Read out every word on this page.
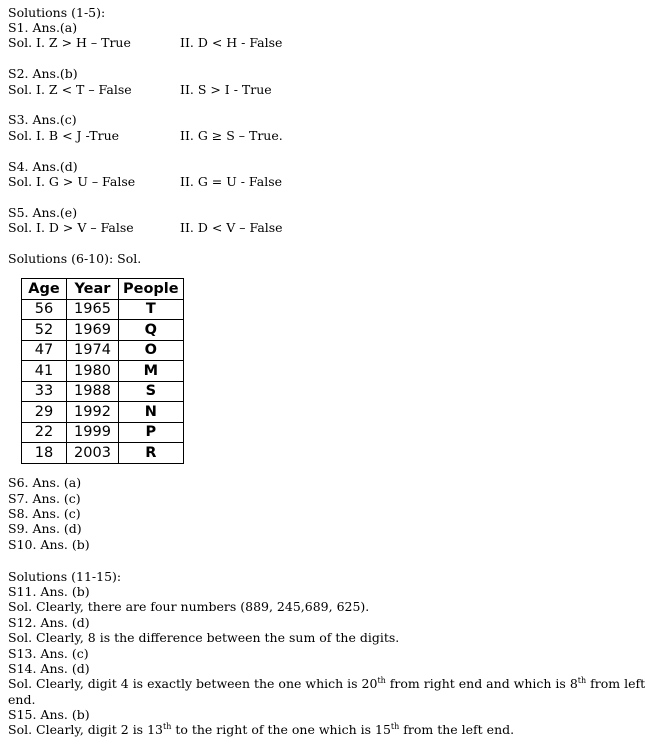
Solutions (1-5):
S1. Ans.(a)
Sol. I. Z > H – True	II. D < H - False
S2. Ans.(b)
Sol. I. Z < T – False	II. S > I - True
S3. Ans.(c)
Sol. I. B < J -True	II. G ≥ S – True.
S4. Ans.(d)
Sol. I. G > U – False	II. G = U - False
S5. Ans.(e)
Sol. I. D > V – False	II. D < V – False
Solutions (6-10): Sol.
Age	Year	People
56	1965	T
52	1969	Q
47	1974	O
41	1980	M
33	1988	S
29	1992	N
22	1999	P
18	2003	R
S6. Ans. (a)
S7. Ans. (c)
S8. Ans. (c)
S9. Ans. (d)
S10. Ans. (b)
Solutions (11-15):
S11. Ans. (b)
Sol. Clearly, there are four numbers (889, 245,689, 625).
S12. Ans. (d)
Sol. Clearly, 8 is the difference between the sum of the digits.
S13. Ans. (c)
S14. Ans. (d)
Sol. Clearly, digit 4 is exactly between the one which is 20th from right end and which is 8th from left
end.
S15. Ans. (b)
Sol. Clearly, digit 2 is 13th to the right of the one which is 15th from the left end.
